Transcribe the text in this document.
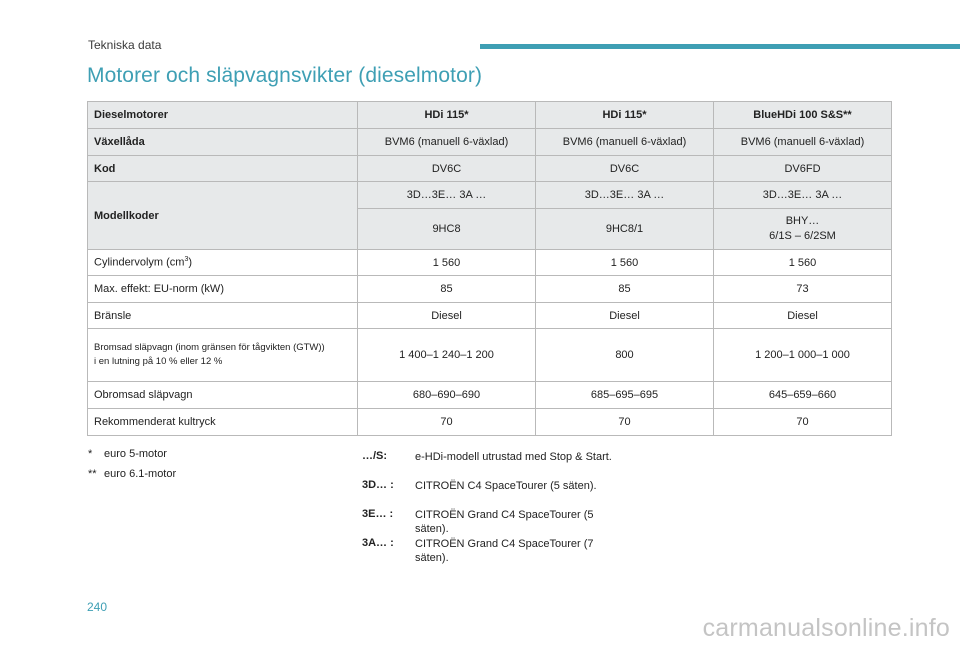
Tekniska data
Motorer och släpvagnsvikter (dieselmotor)
Dieselmotorer	HDi 115*	HDi 115*	BlueHDi 100 S&S**
Växellåda	BVM6 (manuell 6-växlad)	BVM6 (manuell 6-växlad)	BVM6 (manuell 6-växlad)
Kod	DV6C	DV6C	DV6FD
Modellkoder	3D…3E… 3A …	3D…3E… 3A …	3D…3E… 3A …
	9HC8	9HC8/1	BHY…
6/1S – 6/2SM

Cylindervolym $(cm^3)$	1 560	1 560	1 560
Max. effekt: EU-norm (kW)	85	85	73
Bränsle	Diesel	Diesel	Diesel

Bromsad släpvagn (inom gränsen för tågvikten (GTW))
i en lutning på 10 % eller 12 %	1 400–1 240–1 200	800	1 200–1 000–1 000
Obromsad släpvagn	680–690–690	685–695–695	645–659–660
Rekommenderat kultryck	70	70	70
* euro 5-motor
** euro 6.1-motor
…/S:	e-HDi-modell utrustad med Stop & Start.
3D… : CITROËN C4 SpaceTourer (5 säten).
3E… : CITROËN Grand C4 SpaceTourer (5 säten).
3A… : CITROËN Grand C4 SpaceTourer (7 säten).
240
carmanualsonline.info
